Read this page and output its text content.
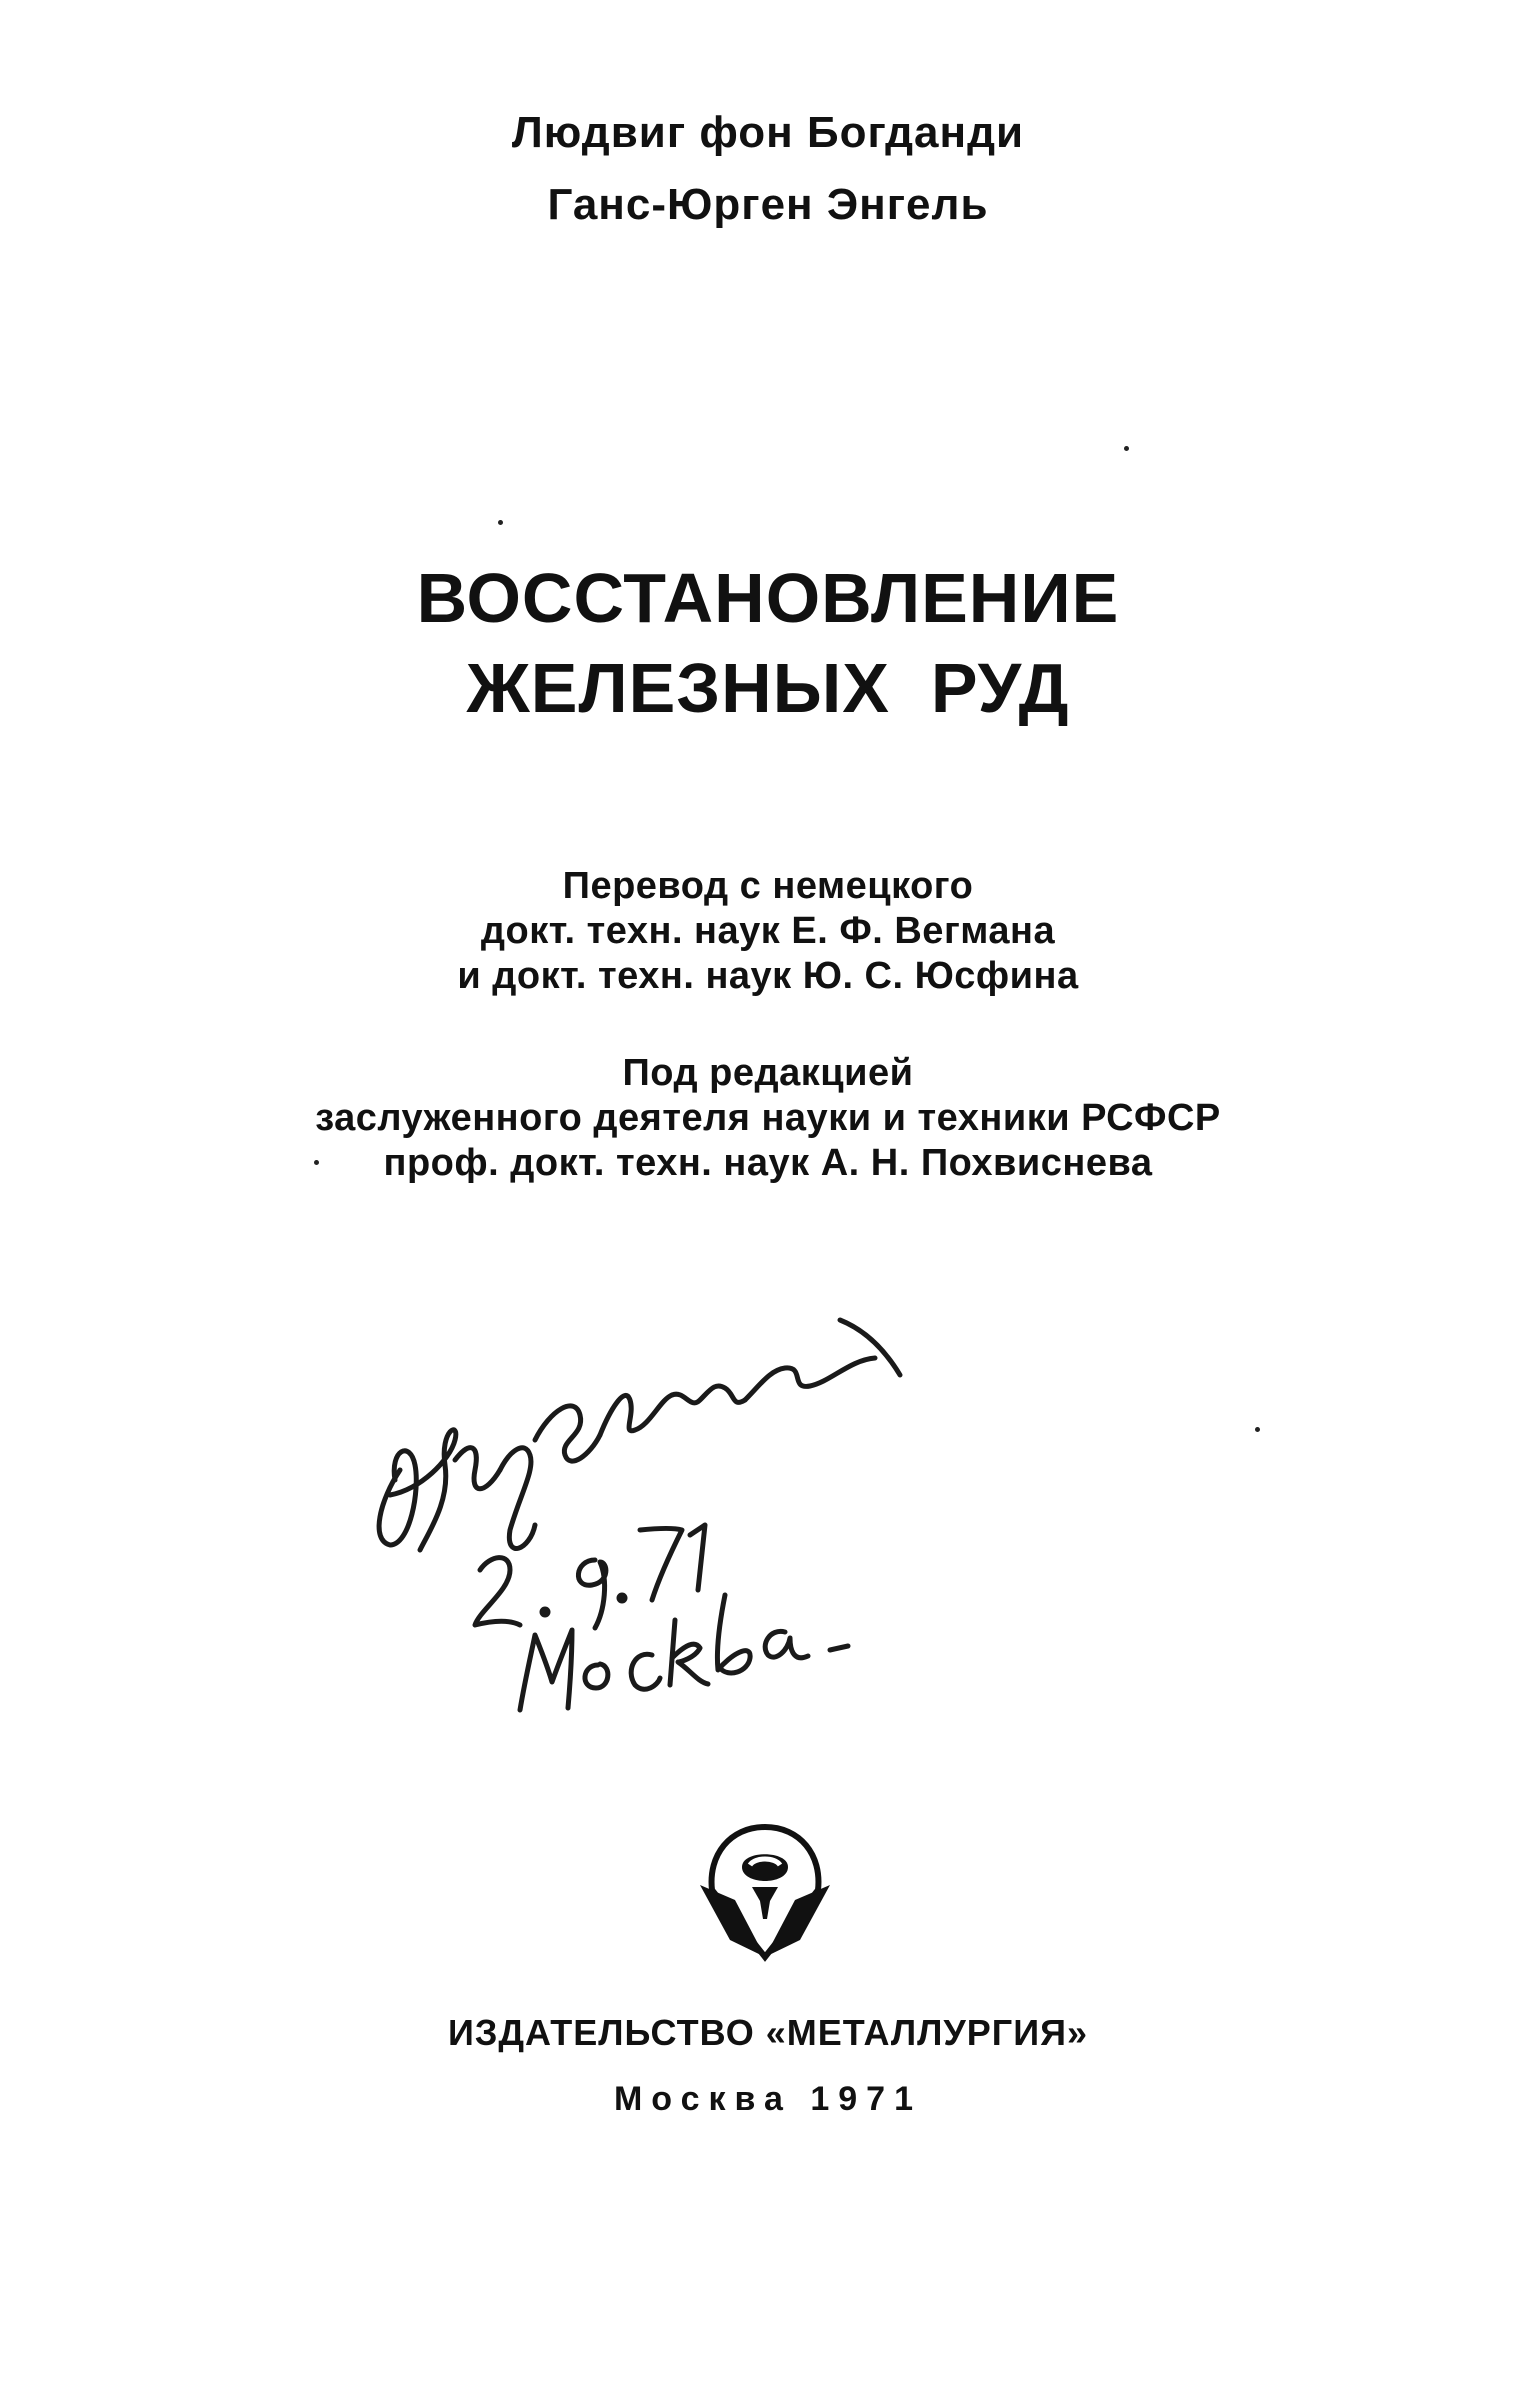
Людвиг фон Богданди
Ганс-Юрген Энгель
ВОССТАНОВЛЕНИЕ
ЖЕЛЕЗНЫХ  РУД
Перевод с немецкого
докт. техн. наук Е. Ф. Вегмана
и докт. техн. наук Ю. С. Юсфина
Под редакцией
заслуженного деятеля науки и техники РСФСР
проф. докт. техн. наук А. Н. Похвиснева
ИЗДАТЕЛЬСТВО «МЕТАЛЛУРГИЯ»
Москва 1971
